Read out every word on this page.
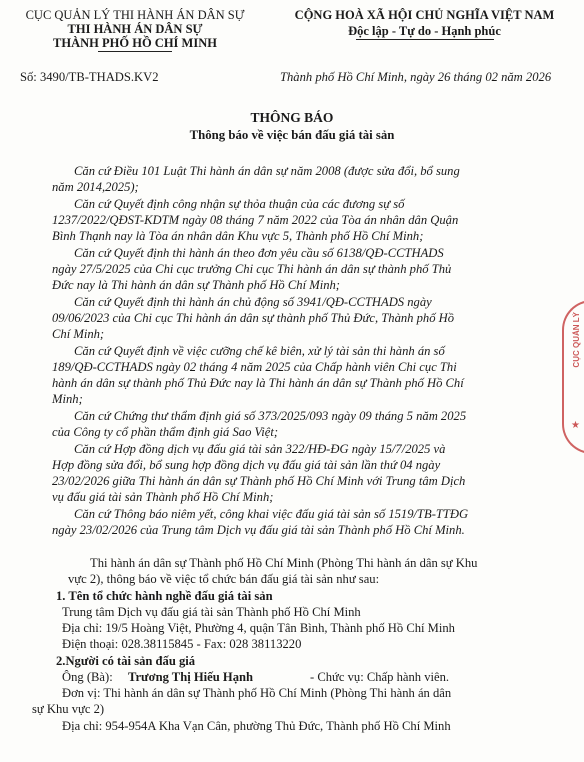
CỤC QUẢN LÝ THI HÀNH ÁN DÂN SỰ
THI HÀNH ÁN DÂN SỰ
THÀNH PHỐ HỒ CHÍ MINH
CỘNG HOÀ XÃ HỘI CHỦ NGHĨA VIỆT NAM
Độc lập - Tự do - Hạnh phúc
Số: 3490/TB-THADS.KV2	Thành phố Hồ Chí Minh, ngày 26 tháng 02 năm 2026
THÔNG BÁO
Thông báo về việc bán đấu giá tài sản
Căn cứ Điều 101 Luật Thi hành án dân sự năm 2008 (được sửa đổi, bổ sung
năm 2014,2025);
Căn cứ Quyết định công nhận sự thỏa thuận của các đương sự số
1237/2022/QĐST-KDTM ngày 08 tháng 7 năm 2022 của Tòa án nhân dân Quận
Bình Thạnh nay là Tòa án nhân dân Khu vực 5, Thành phố Hồ Chí Minh;
Căn cứ Quyết định thi hành án theo đơn yêu cầu số 6138/QĐ-CCTHADS
ngày 27/5/2025 của Chi cục trưởng Chi cục Thi hành án dân sự thành phố Thủ
Đức nay là Thi hành án dân sự Thành phố Hồ Chí Minh;
Căn cứ Quyết định thi hành án chủ động số 3941/QĐ-CCTHADS ngày
09/06/2023 của Chi cục Thi hành án dân sự thành phố Thủ Đức, Thành phố Hồ
Chí Minh;
Căn cứ Quyết định về việc cưỡng chế kê biên, xử lý tài sản thi hành án số
189/QĐ-CCTHADS ngày 02 tháng 4 năm 2025 của Chấp hành viên Chi cục Thi
hành án dân sự thành phố Thủ Đức nay là Thi hành án dân sự Thành phố Hồ Chí
Minh;
Căn cứ Chứng thư thẩm định giá số 373/2025/093 ngày 09 tháng 5 năm 2025
của Công ty cổ phần thẩm định giá Sao Việt;
Căn cứ Hợp đồng dịch vụ đấu giá tài sản 322/HĐ-ĐG ngày 15/7/2025 và
Hợp đồng sửa đổi, bổ sung hợp đồng dịch vụ đấu giá tài sản lần thứ 04 ngày
23/02/2026 giữa Thi hành án dân sự Thành phố Hồ Chí Minh với Trung tâm Dịch
vụ đấu giá tài sản Thành phố Hồ Chí Minh;
Căn cứ Thông báo niêm yết, công khai việc đấu giá tài sản số 1519/TB-TTĐG
ngày 23/02/2026 của Trung tâm Dịch vụ đấu giá tài sản Thành phố Hồ Chí Minh.
Thi hành án dân sự Thành phố Hồ Chí Minh (Phòng Thi hành án dân sự Khu
vực 2), thông báo về việc tổ chức bán đấu giá tài sản như sau:
1. Tên tổ chức hành nghề đấu giá tài sản
Trung tâm Dịch vụ đấu giá tài sản Thành phố Hồ Chí Minh
Địa chỉ: 19/5 Hoàng Việt, Phường 4, quận Tân Bình, Thành phố Hồ Chí Minh
Điện thoại: 028.38115845 - Fax: 028 38113220
2.Người có tài sản đấu giá
Ông (Bà): Trương Thị Hiếu Hạnh	- Chức vụ: Chấp hành viên.
Đơn vị: Thi hành án dân sự Thành phố Hồ Chí Minh (Phòng Thi hành án dân
sự Khu vực 2)
Địa chỉ: 954-954A Kha Vạn Cân, phường Thủ Đức, Thành phố Hồ Chí Minh
CỤC QUẢN LÝ
★
